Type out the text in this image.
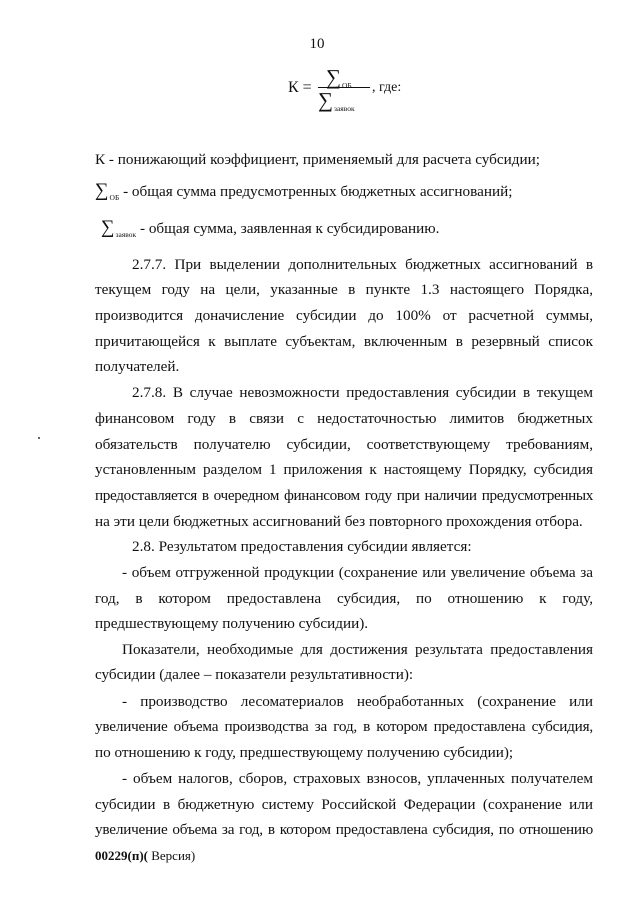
10
$К = \sum_{ОБ}$
$\sum_{заявок}$
, где:
К - понижающий коэффициент, применяемый для расчета субсидии;
$\sum_{ОБ}$ - общая сумма предусмотренных бюджетных ассигнований;
$\sum_{заявок}$ - общая сумма, заявленная к субсидированию.
2.7.7. При выделении дополнительных бюджетных ассигнований в
текущем году на цели, указанные в пункте 1.3 настоящего Порядка,
производится доначисление субсидии до 100% от расчетной суммы,
причитающейся к выплате субъектам, включенным в резервный список
получателей.
2.7.8. В случае невозможности предоставления субсидии в текущем
финансовом году в связи с недостаточностью лимитов бюджетных
обязательств получателю субсидии, соответствующему требованиям,
установленным разделом 1 приложения к настоящему Порядку, субсидия
предоставляется в очередном финансовом году при наличии предусмотренных
на эти цели бюджетных ассигнований без повторного прохождения отбора.
2.8. Результатом предоставления субсидии является:
- объем отгруженной продукции (сохранение или увеличение объема за
год, в котором предоставлена субсидия, по отношению к году,
предшествующему получению субсидии).
Показатели, необходимые для достижения результата предоставления
субсидии (далее – показатели результативности):
- производство лесоматериалов необработанных (сохранение или
увеличение объема производства за год, в котором предоставлена субсидия,
по отношению к году, предшествующему получению субсидии);
- объем налогов, сборов, страховых взносов, уплаченных получателем
субсидии в бюджетную систему Российской Федерации (сохранение или
увеличение объема за год, в котором предоставлена субсидия, по отношению
00229(п)( Версия)
